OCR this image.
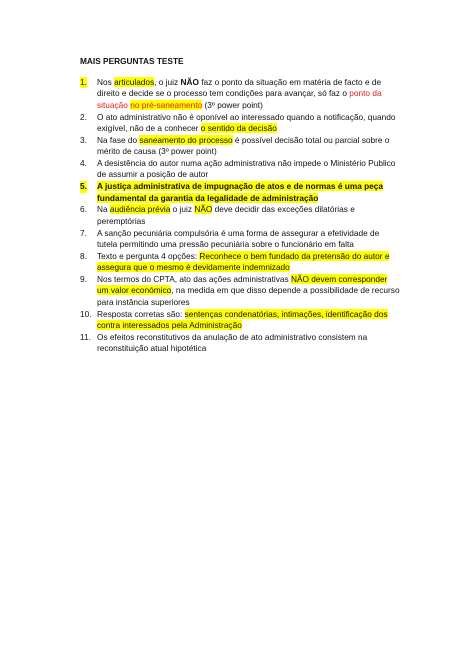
MAIS PERGUNTAS TESTE
1. Nos articulados, o juiz NÃO faz o ponto da situação em matéria de facto e de direito e decide se o processo tem condições para avançar, só faz o ponto da situação no pré-saneamento (3º power point)
2. O ato administrativo não é oponível ao interessado quando a notificação, quando exigível, não de a conhecer o sentido da decisão
3. Na fase do saneamento do processo é possível decisão total ou parcial sobre o mérito de causa (3º power point)
4. A desistência do autor numa ação administrativa não impede o Ministério Publico de assumir a posição de autor
5. A justiça administrativa de impugnação de atos e de normas é uma peça fundamental da garantia da legalidade de administração
6. Na audiência prévia o juiz NÃO deve decidir das exceções dilatórias e peremptórias
7. A sanção pecuniária compulsória é uma forma de assegurar a efetividade de tutela permitindo uma pressão pecuniária sobre o funcionário em falta
8. Texto e pergunta 4 opções: Reconhece o bem fundado da pretensão do autor e assegura que o mesmo é devidamente indemnizado
9. Nos termos do CPTA, ato das ações administrativas NÃO devem corresponder um valor económico, na medida em que disso depende a possibilidade de recurso para instância superiores
10. Resposta corretas são: sentenças condenatórias, intimações, identificação dos contra interessados pela Administração
11. Os efeitos reconstitutivos da anulação de ato administrativo consistem na reconstituição atual hipotética
